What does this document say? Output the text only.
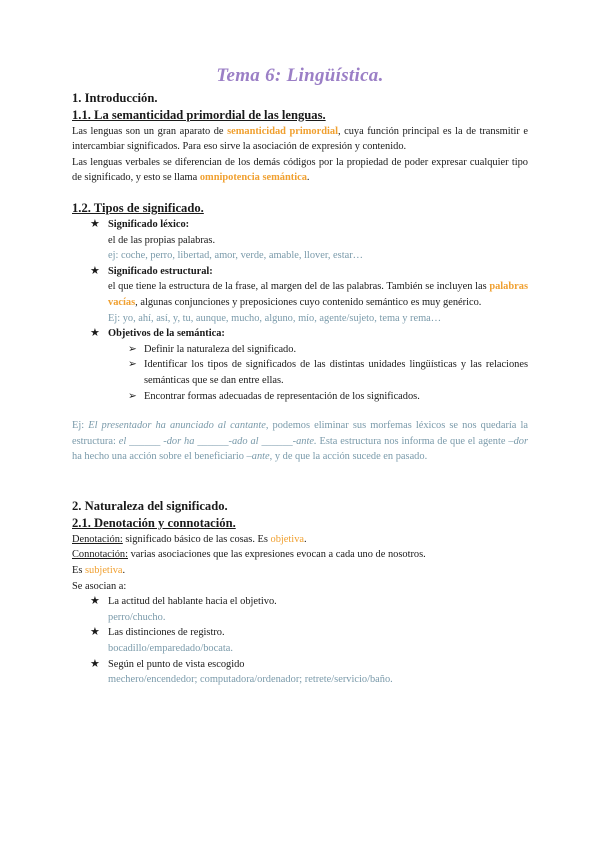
Tema 6: Lingüística.
1. Introducción.
1.1. La semanticidad primordial de las lenguas.

Las lenguas son un gran aparato de semanticidad primordial, cuya función principal es la de transmitir e intercambiar significados. Para eso sirve la asociación de expresión y contenido.

Las lenguas verbales se diferencian de los demás códigos por la propiedad de poder expresar cualquier tipo de significado, y esto se llama omnipotencia semántica.

1.2. Tipos de significado.
★ Significado léxico:
el de las propias palabras.
ej: coche, perro, libertad, amor, verde, amable, llover, estar…
★ Significado estructural:

el que tiene la estructura de la frase, al margen del de las palabras. También se incluyen las palabras vacías, algunas conjunciones y preposiciones cuyo contenido semántico es muy genérico.

Ej: yo, ahí, así, y, tu, aunque, mucho, alguno, mío, agente/sujeto, tema y rema…
★ Objetivos de la semántica:
➢ Definir la naturaleza del significado.
➢ Identificar los tipos de significados de las distintas unidades lingüísticas y las relaciones semánticas que se dan entre ellas.

➢ Encontrar formas adecuadas de representación de los significados.

Ej: El presentador ha anunciado al cantante, podemos eliminar sus morfemas léxicos se nos quedaría la estructura: el ______ -dor ha ______-ado al ______-ante. Esta estructura nos informa de que el agente –dor ha hecho una acción sobre el beneficiario –ante, y de que la acción sucede en pasado.

2. Naturaleza del significado.
2.1. Denotación y connotación.
Denotación: significado básico de las cosas. Es objetiva.
Connotación: varias asociaciones que las expresiones evocan a cada uno de nosotros.
Es subjetiva.
Se asocian a:
★ La actitud del hablante hacia el objetivo.
perro/chucho.
★ Las distinciones de registro.
bocadillo/emparedado/bocata.
★ Según el punto de vista escogido
mechero/encendedor; computadora/ordenador; retrete/servicio/baño.
